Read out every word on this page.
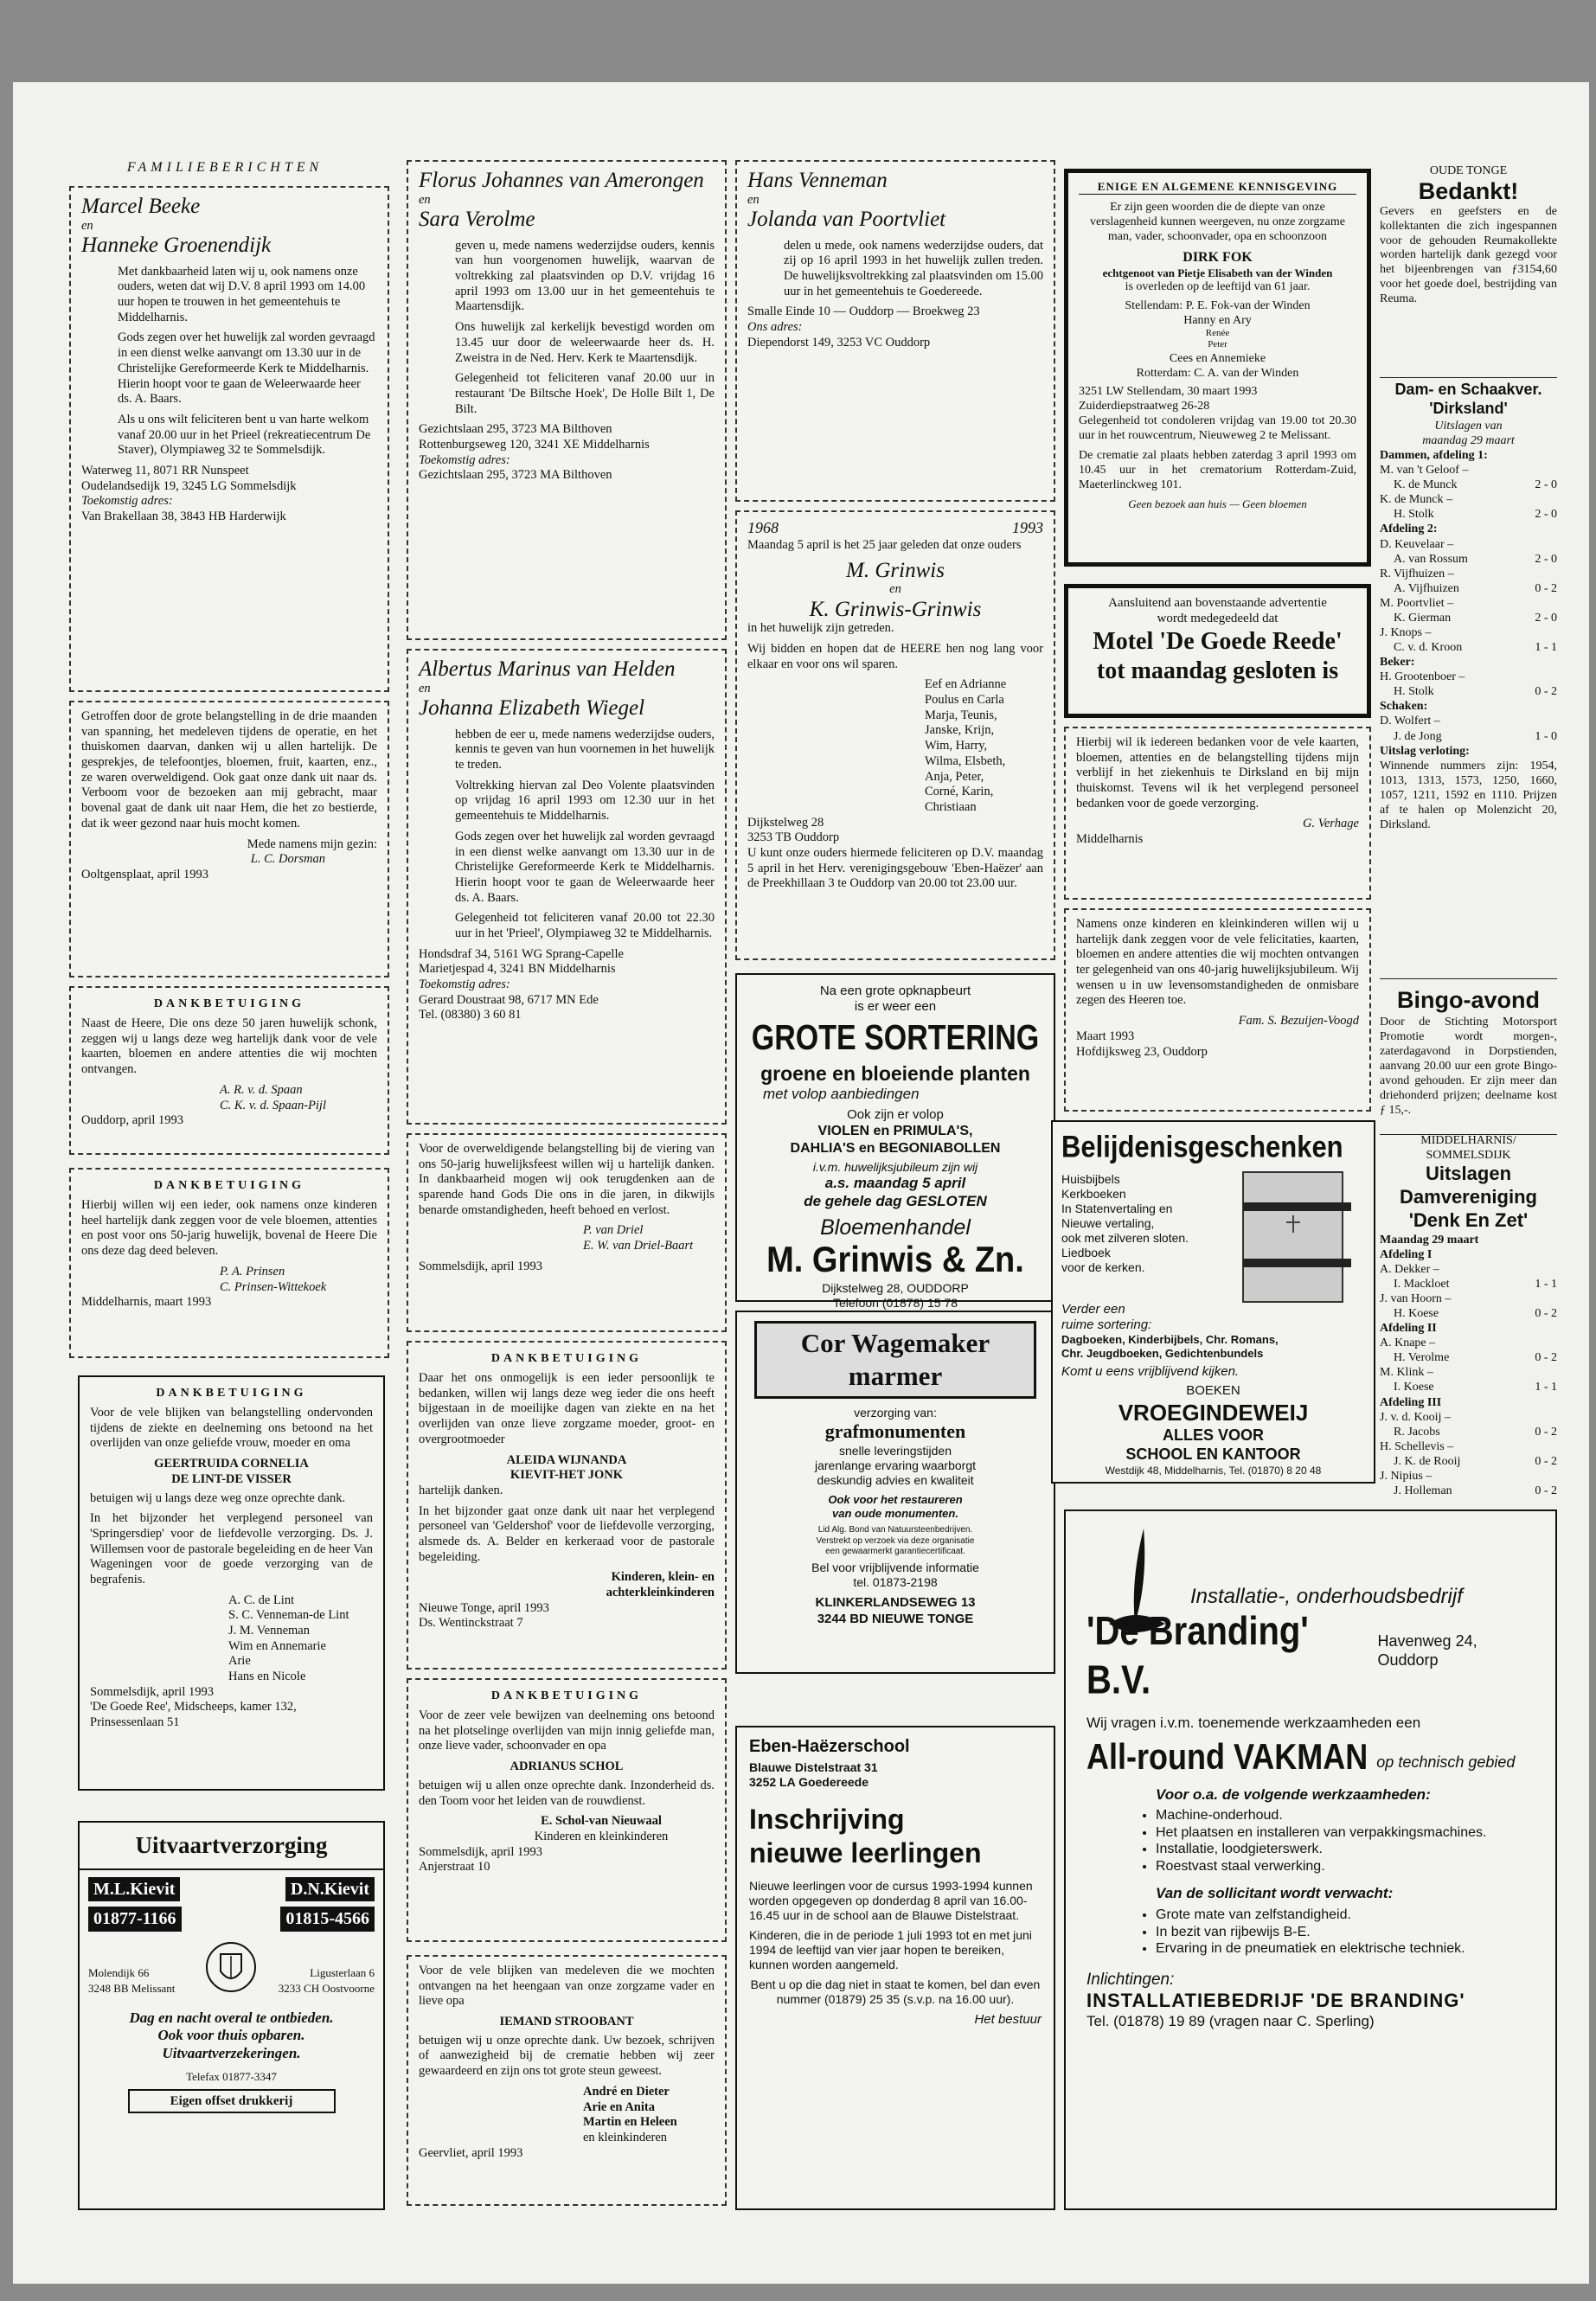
FAMILIEBERICHTEN
Marcel Beeke
en
Hanneke Groenendijk

Met dankbaarheid laten wij u, ook namens onze ouders, weten dat wij D.V. 8 april 1993 om 14.00 uur hopen te trouwen in het gemeentehuis te Middelharnis.

Gods zegen over het huwelijk zal worden gevraagd in een dienst welke aanvangt om 13.30 uur in de Christelijke Gereformeerde Kerk te Middelharnis. Hierin hoopt voor te gaan de Weleerwaarde heer ds. A. Baars.

Als u ons wilt feliciteren bent u van harte welkom vanaf 20.00 uur in het Prieel (rekreatiecentrum De Staver), Olympiaweg 32 te Sommelsdijk.

Waterweg 11, 8071 RR Nunspeet
Oudelandsedijk 19, 3245 LG Sommelsdijk
Toekomstig adres:
Van Brakellaan 38, 3843 HB Harderwijk

Getroffen door de grote belangstelling in de drie maanden van spanning, het medeleven tijdens de operatie, en het thuiskomen daarvan, danken wij u allen hartelijk. De gesprekjes, de telefoontjes, bloemen, fruit, kaarten, enz., ze waren overweldigend. Ook gaat onze dank uit naar ds. Verboom voor de bezoeken aan mij gebracht, maar bovenal gaat de dank uit naar Hem, die het zo bestierde, dat ik weer gezond naar huis mocht komen.

Mede namens mijn gezin:
L. C. Dorsman
Ooltgensplaat, april 1993
DANKBETUIGING

Naast de Heere, Die ons deze 50 jaren huwelijk schonk, zeggen wij u langs deze weg hartelijk dank voor de vele kaarten, bloemen en andere attenties die wij mochten ontvangen.

A. R. v. d. Spaan
C. K. v. d. Spaan-Pijl
Ouddorp, april 1993
DANKBETUIGING

Hierbij willen wij een ieder, ook namens onze kinderen heel hartelijk dank zeggen voor de vele bloemen, attenties en post voor ons 50-jarig huwelijk, bovenal de Heere Die ons deze dag deed beleven.

P. A. Prinsen
C. Prinsen-Wittekoek
Middelharnis, maart 1993
DANKBETUIGING

Voor de vele blijken van belangstelling ondervonden tijdens de ziekte en deelneming ons betoond na het overlijden van onze geliefde vrouw, moeder en oma

GEERTRUIDA CORNELIA
DE LINT-DE VISSER

betuigen wij u langs deze weg onze oprechte dank.

In het bijzonder het verplegend personeel van 'Springersdiep' voor de liefdevolle verzorging. Ds. J. Willemsen voor de pastorale begeleiding en de heer Van Wageningen voor de goede verzorging van de begrafenis.

A. C. de Lint
S. C. Venneman-de Lint
J. M. Venneman
Wim en Annemarie
Arie
Hans en Nicole
Sommelsdijk, april 1993
'De Goede Ree', Midscheeps, kamer 132,
Prinsessenlaan 51
Uitvaartverzorging
M.L.Kievit	D.N.Kievit
01877-1166	01815-4566
Molendijk 66
3248 BB Melissant
Ligusterlaan 6
3233 CH Oostvoorne
Dag en nacht overal te ontbieden.
Ook voor thuis opbaren.
Uitvaartverzekeringen.
Telefax 01877-3347
Eigen offset drukkerij
Florus Johannes van Amerongen
en
Sara Verolme

geven u, mede namens wederzijdse ouders, kennis van hun voorgenomen huwelijk, waarvan de voltrekking zal plaatsvinden op D.V. vrijdag 16 april 1993 om 13.00 uur in het gemeentehuis te Maartensdijk.

Ons huwelijk zal kerkelijk bevestigd worden om 13.45 uur door de weleerwaarde heer ds. H. Zweistra in de Ned. Herv. Kerk te Maartensdijk.

Gelegenheid tot feliciteren vanaf 20.00 uur in restaurant 'De Biltsche Hoek', De Holle Bilt 1, De Bilt.

Gezichtslaan 295, 3723 MA Bilthoven
Rottenburgseweg 120, 3241 XE Middelharnis
Toekomstig adres:
Gezichtslaan 295, 3723 MA Bilthoven
Albertus Marinus van Helden
en
Johanna Elizabeth Wiegel

hebben de eer u, mede namens wederzijdse ouders, kennis te geven van hun voornemen in het huwelijk te treden.

Voltrekking hiervan zal Deo Volente plaatsvinden op vrijdag 16 april 1993 om 12.30 uur in het gemeentehuis te Middelharnis.

Gods zegen over het huwelijk zal worden gevraagd in een dienst welke aanvangt om 13.30 uur in de Christelijke Gereformeerde Kerk te Middelharnis. Hierin hoopt voor te gaan de Weleerwaarde heer ds. A. Baars.

Gelegenheid tot feliciteren vanaf 20.00 tot 22.30 uur in het 'Prieel', Olympiaweg 32 te Middelharnis.

Hondsdraf 34, 5161 WG Sprang-Capelle
Marietjespad 4, 3241 BN Middelharnis
Toekomstig adres:
Gerard Doustraat 98, 6717 MN Ede
Tel. (08380) 3 60 81

Voor de overweldigende belangstelling bij de viering van ons 50-jarig huwelijksfeest willen wij u hartelijk danken. In dankbaarheid mogen wij ook terugdenken aan de sparende hand Gods Die ons in die jaren, in dikwijls benarde omstandigheden, heeft behoed en verlost.

P. van Driel
E. W. van Driel-Baart
Sommelsdijk, april 1993
DANKBETUIGING

Daar het ons onmogelijk is een ieder persoonlijk te bedanken, willen wij langs deze weg ieder die ons heeft bijgestaan in de moeilijke dagen van ziekte en na het overlijden van onze lieve zorgzame moeder, groot- en overgrootmoeder

ALEIDA WIJNANDA
KIEVIT-HET JONK

hartelijk danken.

In het bijzonder gaat onze dank uit naar het verplegend personeel van 'Geldershof' voor de liefdevolle verzorging, alsmede ds. A. Belder en kerkeraad voor de pastorale begeleiding.

Kinderen, klein- en
achterkleinkinderen
Nieuwe Tonge, april 1993
Ds. Wentinckstraat 7
DANKBETUIGING

Voor de zeer vele bewijzen van deelneming ons betoond na het plotselinge overlijden van mijn innig geliefde man, onze lieve vader, schoonvader en opa

ADRIANUS SCHOL

betuigen wij u allen onze oprechte dank. Inzonderheid ds. den Toom voor het leiden van de rouwdienst.

E. Schol-van Nieuwaal
Kinderen en kleinkinderen
Sommelsdijk, april 1993
Anjerstraat 10

Voor de vele blijken van medeleven die we mochten ontvangen na het heengaan van onze zorgzame vader en lieve opa

IEMAND STROOBANT

betuigen wij u onze oprechte dank. Uw bezoek, schrijven of aanwezigheid bij de crematie hebben wij zeer gewaardeerd en zijn ons tot grote steun geweest.

André en Dieter
Arie en Anita
Martin en Heleen
en kleinkinderen
Geervliet, april 1993
Hans Venneman
en
Jolanda van Poortvliet

delen u mede, ook namens wederzijdse ouders, dat zij op 16 april 1993 in het huwelijk zullen treden. De huwelijksvoltrekking zal plaatsvinden om 15.00 uur in het gemeentehuis te Goedereede.

Smalle Einde 10 — Ouddorp — Broekweg 23
Ons adres:
Diependorst 149, 3253 VC Ouddorp
1968	1993

Maandag 5 april is het 25 jaar geleden dat onze ouders

M. Grinwis
en
K. Grinwis-Grinwis

in het huwelijk zijn getreden.

Wij bidden en hopen dat de HEERE hen nog lang voor elkaar en voor ons wil sparen.

Eef en Adrianne
Poulus en Carla
Marja, Teunis,
Janske, Krijn,
Wim, Harry,
Wilma, Elsbeth,
Anja, Peter,
Corné, Karin,
Christiaan
Dijkstelweg 28
3253 TB Ouddorp

U kunt onze ouders hiermede feliciteren op D.V. maandag 5 april in het Herv. verenigingsgebouw 'Eben-Haëzer' aan de Preekhillaan 3 te Ouddorp van 20.00 tot 23.00 uur.

Na een grote opknapbeurt
is er weer een
GROTE SORTERING
groene en bloeiende planten
met volop aanbiedingen
Ook zijn er volop
VIOLEN en PRIMULA'S,
DAHLIA'S en BEGONIABOLLEN
i.v.m. huwelijksjubileum zijn wij
a.s. maandag 5 april
de gehele dag GESLOTEN
Bloemenhandel
M. Grinwis & Zn.
Dijkstelweg 28, OUDDORP
Telefoon (01878) 15 78
Cor Wagemaker
marmer
verzorging van:
grafmonumenten
snelle leveringstijden
jarenlange ervaring waarborgt
deskundig advies en kwaliteit
Ook voor het restaureren
van oude monumenten.
Lid Alg. Bond van Natuursteenbedrijven.
Verstrekt op verzoek via deze organisatie
een gewaarmerkt garantiecertificaat.
Bel voor vrijblijvende informatie
tel. 01873-2198
KLINKERLANDSEWEG 13
3244 BD NIEUWE TONGE
Eben-Haëzerschool
Blauwe Distelstraat 31
3252 LA Goedereede
Inschrijving
nieuwe leerlingen

Nieuwe leerlingen voor de cursus 1993-1994 kunnen worden opgegeven op donderdag 8 april van 16.00-16.45 uur in de school aan de Blauwe Distelstraat.

Kinderen, die in de periode 1 juli 1993 tot en met juni 1994 de leeftijd van vier jaar hopen te bereiken, kunnen worden aangemeld.

Bent u op die dag niet in staat te komen, bel dan even nummer (01879) 25 35 (s.v.p. na 16.00 uur).

Het bestuur
ENIGE EN ALGEMENE KENNISGEVING

Er zijn geen woorden die de diepte van onze verslagenheid kunnen weergeven, nu onze zorgzame man, vader, schoonvader, opa en schoonzoon

DIRK FOK
echtgenoot van Pietje Elisabeth van der Winden
is overleden op de leeftijd van 61 jaar.
Stellendam: P. E. Fok-van der Winden
Hanny en Ary
Renée
Peter
Cees en Annemieke
Rotterdam: C. A. van der Winden
3251 LW Stellendam, 30 maart 1993
Zuiderdiepstraatweg 26-28

Gelegenheid tot condoleren vrijdag van 19.00 tot 20.30 uur in het rouwcentrum, Nieuweweg 2 te Melissant.

De crematie zal plaats hebben zaterdag 3 april 1993 om 10.45 uur in het crematorium Rotterdam-Zuid, Maeterlinckweg 101.

Geen bezoek aan huis — Geen bloemen
Aansluitend aan bovenstaande advertentie
wordt medegedeeld dat
Motel 'De Goede Reede'
tot maandag gesloten is

Hierbij wil ik iedereen bedanken voor de vele kaarten, bloemen, attenties en de belangstelling tijdens mijn verblijf in het ziekenhuis te Dirksland en bij mijn thuiskomst. Tevens wil ik het verplegend personeel bedanken voor de goede verzorging.

G. Verhage
Middelharnis

Namens onze kinderen en kleinkinderen willen wij u hartelijk dank zeggen voor de vele felicitaties, kaarten, bloemen en andere attenties die wij mochten ontvangen ter gelegenheid van ons 40-jarig huwelijksjubileum. Wij wensen u in uw levensomstandigheden de onmisbare zegen des Heeren toe.

Fam. S. Bezuijen-Voogd
Maart 1993
Hofdijksweg 23, Ouddorp
Belijdenisgeschenken
Huisbijbels
Kerkboeken
In Statenvertaling en
Nieuwe vertaling,
ook met zilveren sloten.
Liedboek
voor de kerken.
Verder een
ruime sortering:
Dagboeken, Kinderbijbels, Chr. Romans,
Chr. Jeugdboeken, Gedichtenbundels
Komt u eens vrijblijvend kijken.
BOEKEN
VROEGINDEWEIJ
ALLES VOOR
SCHOOL EN KANTOOR
Westdijk 48, Middelharnis, Tel. (01870) 8 20 48
OUDE TONGE
Bedankt!

Gevers en geefsters en de kollektanten die zich ingespannen voor de gehouden Reumakollekte worden hartelijk dank gezegd voor het bijeenbrengen van ƒ3154,60 voor het goede doel, bestrijding van Reuma.

Dam- en Schaakver.
'Dirksland'
Uitslagen van
maandag 29 maart
Dammen, afdeling 1:
M. van 't Geloof –
K. de Munck	2 - 0
K. de Munck –
H. Stolk	2 - 0
Afdeling 2:
D. Keuvelaar –
A. van Rossum	2 - 0
R. Vijfhuizen –
A. Vijfhuizen	0 - 2
M. Poortvliet –
K. Gierman	2 - 0
J. Knops –
C. v. d. Kroon	1 - 1
Beker:
H. Grootenboer –
H. Stolk	0 - 2
Schaken:
D. Wolfert –
J. de Jong	1 - 0
Uitslag verloting:

Winnende nummers zijn: 1954, 1013, 1313, 1573, 1250, 1660, 1057, 1211, 1592 en 1110. Prijzen af te halen op Molenzicht 20, Dirksland.

Bingo-avond

Door de Stichting Motorsport Promotie wordt morgen-, zaterdagavond in Dorpstienden, aanvang 20.00 uur een grote Bingo-avond gehouden. Er zijn meer dan driehonderd prijzen; deelname kost ƒ 15,-.

MIDDELHARNIS/
SOMMELSDIJK
Uitslagen
Damvereniging
'Denk En Zet'
Maandag 29 maart
Afdeling I
A. Dekker –
I. Mackloet	1 - 1
J. van Hoorn –
H. Koese	0 - 2
Afdeling II
A. Knape –
H. Verolme	0 - 2
M. Klink –
I. Koese	1 - 1
Afdeling III
J. v. d. Kooij –
R. Jacobs	0 - 2
H. Schellevis –
J. K. de Rooij	0 - 2
J. Nipius –
J. Holleman	0 - 2
Installatie-, onderhoudsbedrijf
'De Branding' B.V.
Havenweg 24, Ouddorp
Wij vragen i.v.m. toenemende werkzaamheden een
All-round VAKMAN op technisch gebied
Voor o.a. de volgende werkzaamheden:
• Machine-onderhoud.
• Het plaatsen en installeren van verpakkingsmachines.
• Installatie, loodgieterswerk.
• Roestvast staal verwerking.
Van de sollicitant wordt verwacht:
• Grote mate van zelfstandigheid.
• In bezit van rijbewijs B-E.
• Ervaring in de pneumatiek en elektrische techniek.
Inlichtingen:
INSTALLATIEBEDRIJF 'DE BRANDING'
Tel. (01878) 19 89 (vragen naar C. Sperling)
